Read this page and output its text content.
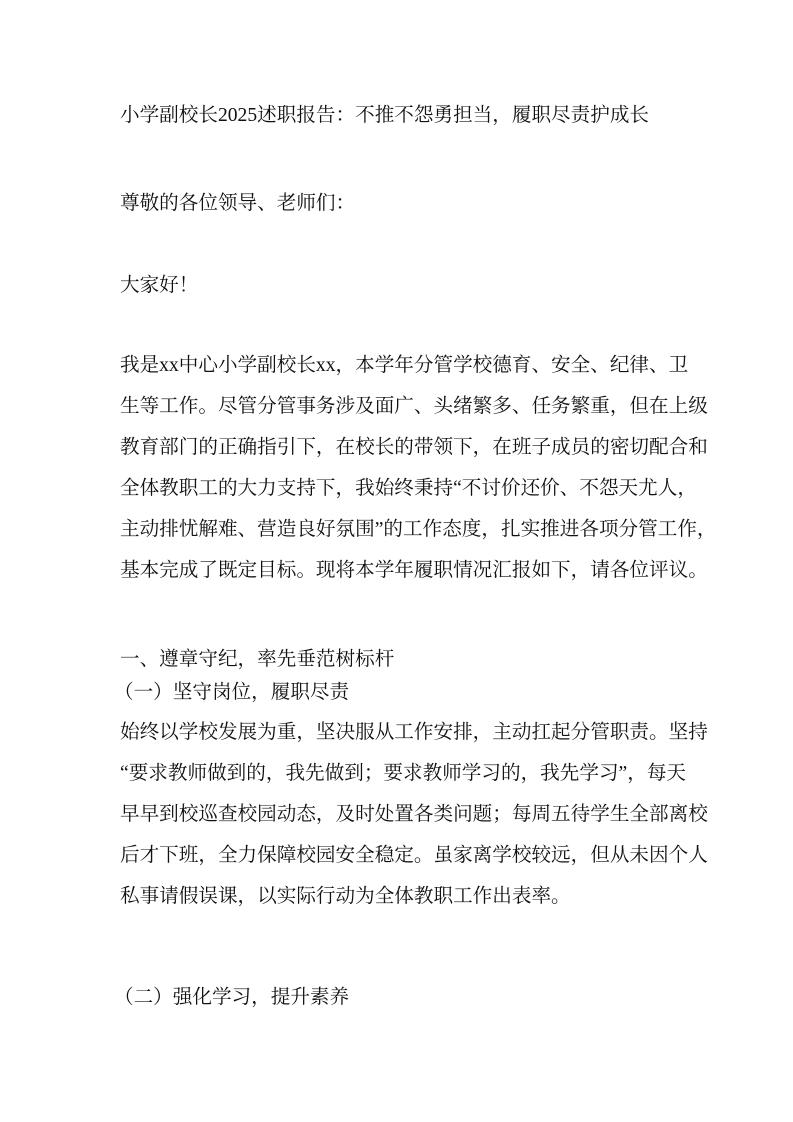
小学副校长2025述职报告：不推不怨勇担当，履职尽责护成长
尊敬的各位领导、老师们：
大家好！
我是xx中心小学副校长xx，本学年分管学校德育、安全、纪律、卫
生等工作。尽管分管事务涉及面广、头绪繁多、任务繁重，但在上级
教育部门的正确指引下，在校长的带领下，在班子成员的密切配合和
全体教职工的大力支持下，我始终秉持“不讨价还价、不怨天尤人，
主动排忧解难、营造良好氛围”的工作态度，扎实推进各项分管工作，
基本完成了既定目标。现将本学年履职情况汇报如下，请各位评议。
一、遵章守纪，率先垂范树标杆
（一）坚守岗位，履职尽责
始终以学校发展为重，坚决服从工作安排，主动扛起分管职责。坚持
“要求教师做到的，我先做到；要求教师学习的，我先学习”，每天
早早到校巡查校园动态，及时处置各类问题；每周五待学生全部离校
后才下班，全力保障校园安全稳定。虽家离学校较远，但从未因个人
私事请假误课，以实际行动为全体教职工作出表率。
（二）强化学习，提升素养
